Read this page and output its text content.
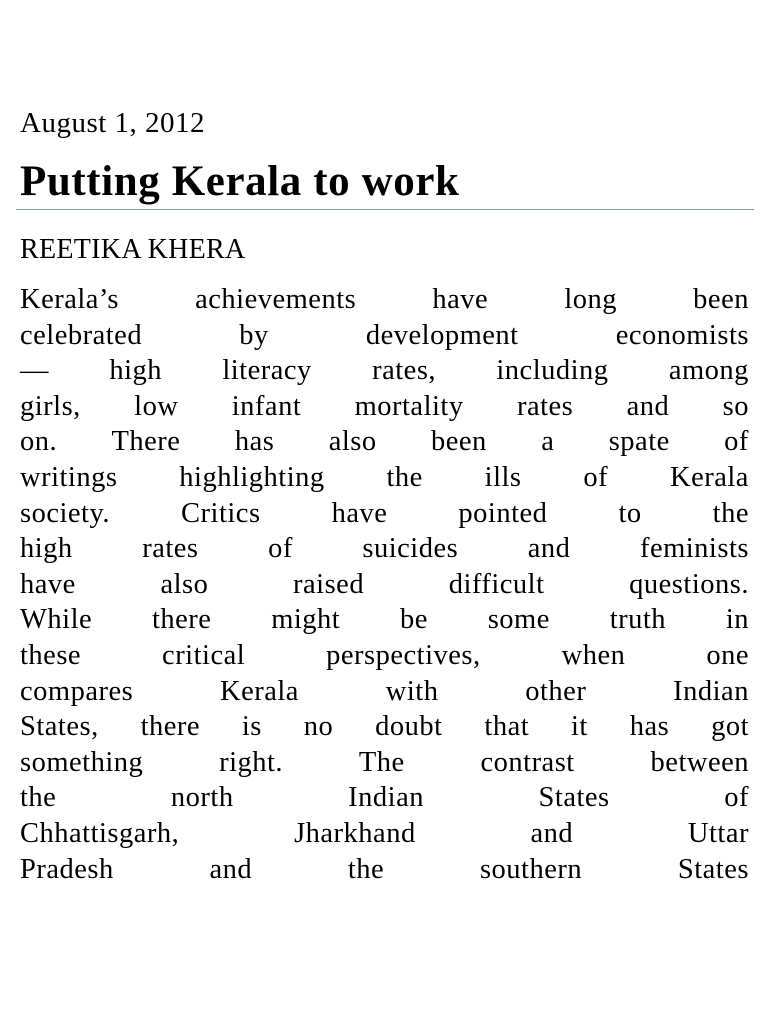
August 1, 2012
Putting Kerala to work
REETIKA KHERA
Kerala’s	achievements	have	long	been
celebrated	by	development	economists
— high literacy rates, including among
girls, low infant mortality rates and so
on. There has also been a spate of
writings highlighting the ills of Kerala
society. Critics have pointed to the
high rates of suicides and feminists
have	also	raised	difficult	questions.
While there might be some truth in
these	critical	perspectives,	when	one
compares	Kerala	with	other	Indian
States, there is no doubt that it has got
something	right.	The	contrast	between
the	north	Indian	States	of
Chhattisgarh,	Jharkhand	and	Uttar
Pradesh	and	the	southern	States
